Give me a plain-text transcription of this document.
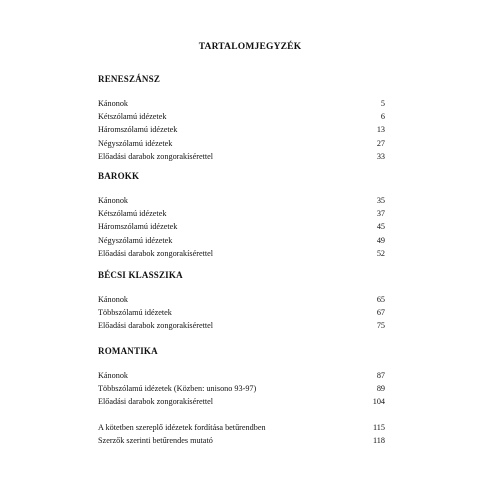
TARTALOMJEGYZÉK
RENESZÁNSZ
Kánonok	5
Kétszólamú idézetek	6
Háromszólamú idézetek	13
Négyszólamú idézetek	27
Előadási darabok zongorakísérettel	33
BAROKK
Kánonok	35
Kétszólamú idézetek	37
Háromszólamú idézetek	45
Négyszólamú idézetek	49
Előadási darabok zongorakísérettel	52
BÉCSI KLASSZIKA
Kánonok	65
Többszólamú idézetek	67
Előadási darabok zongorakísérettel	75
ROMANTIKA
Kánonok	87
Többszólamú idézetek (Közben: unisono 93-97)	89
Előadási darabok zongorakísérettel	104
A kötetben szereplő idézetek fordítása betűrendben	115
Szerzők szerinti betűrendes mutató	118
